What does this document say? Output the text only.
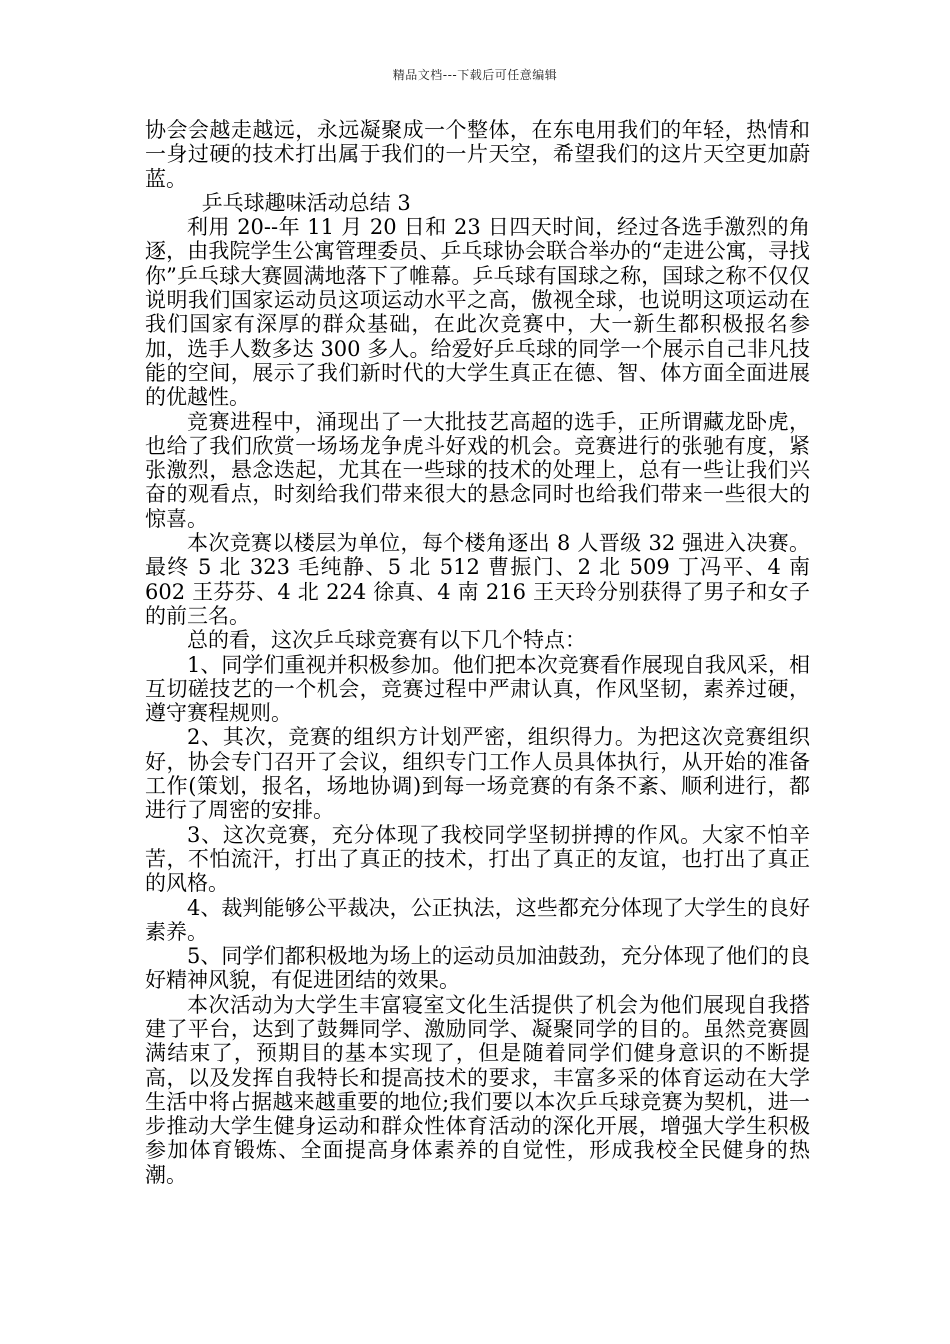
精品文档---下载后可任意编辑

协会会越走越远，永远凝聚成一个整体，在东电用我们的年轻，热情和一身过硬的技术打出属于我们的一片天空，希望我们的这片天空更加蔚蓝。

乒乓球趣味活动总结 3

利用 20--年 11 月 20 日和 23 日四天时间，经过各选手激烈的角逐，由我院学生公寓管理委员、乒乓球协会联合举办的“走进公寓，寻找你”乒乓球大赛圆满地落下了帷幕。乒乓球有国球之称，国球之称不仅仅说明我们国家运动员这项运动水平之高，傲视全球，也说明这项运动在我们国家有深厚的群众基础，在此次竞赛中，大一新生都积极报名参加，选手人数多达 300 多人。给爱好乒乓球的同学一个展示自己非凡技能的空间，展示了我们新时代的大学生真正在德、智、体方面全面进展的优越性。

竞赛进程中，涌现出了一大批技艺高超的选手，正所谓藏龙卧虎，也给了我们欣赏一场场龙争虎斗好戏的机会。竞赛进行的张驰有度，紧张激烈，悬念迭起，尤其在一些球的技术的处理上，总有一些让我们兴奋的观看点，时刻给我们带来很大的悬念同时也给我们带来一些很大的惊喜。

本次竞赛以楼层为单位，每个楼角逐出 8 人晋级 32 强进入决赛。最终 5 北 323 毛纯静、5 北 512 曹振门、2 北 509 丁冯平、4 南 602 王芬芬、4 北 224 徐真、4 南 216 王天玲分别获得了男子和女子的前三名。

总的看，这次乒乓球竞赛有以下几个特点：

1、同学们重视并积极参加。他们把本次竞赛看作展现自我风采，相互切磋技艺的一个机会，竞赛过程中严肃认真，作风坚韧，素养过硬，遵守赛程规则。

2、其次，竞赛的组织方计划严密，组织得力。为把这次竞赛组织好，协会专门召开了会议，组织专门工作人员具体执行，从开始的准备工作(策划，报名，场地协调)到每一场竞赛的有条不紊、顺利进行，都进行了周密的安排。

3、这次竞赛，充分体现了我校同学坚韧拼搏的作风。大家不怕辛苦，不怕流汗，打出了真正的技术，打出了真正的友谊，也打出了真正的风格。

4、裁判能够公平裁决，公正执法，这些都充分体现了大学生的良好素养。

5、同学们都积极地为场上的运动员加油鼓劲，充分体现了他们的良好精神风貌，有促进团结的效果。

本次活动为大学生丰富寝室文化生活提供了机会为他们展现自我搭建了平台，达到了鼓舞同学、激励同学、凝聚同学的目的。虽然竞赛圆满结束了，预期目的基本实现了，但是随着同学们健身意识的不断提高，以及发挥自我特长和提高技术的要求，丰富多采的体育运动在大学生活中将占据越来越重要的地位;我们要以本次乒乓球竞赛为契机，进一步推动大学生健身运动和群众性体育活动的深化开展，增强大学生积极参加体育锻炼、全面提高身体素养的自觉性，形成我校全民健身的热潮。
